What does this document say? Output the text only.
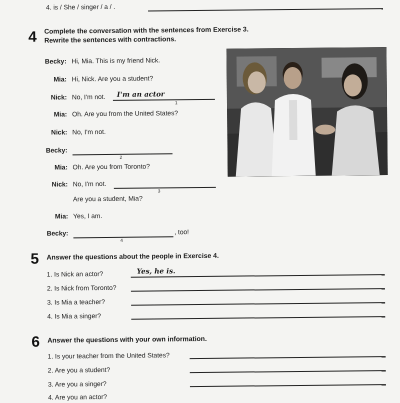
4. is / She / singer / a / .
4 Complete the conversation with the sentences from Exercise 3.
Rewrite the sentences with contractions.
Becky: Hi, Mia. This is my friend Nick.
Mia: Hi, Nick. Are you a student?
Nick: No, I'm not. I'm an actor
1
Mia: Oh. Are you from the United States?
Nick: No, I'm not.
Becky:
2
Mia: Oh. Are you from Toronto?
Nick: No, I'm not.
3
Are you a student, Mia?
Mia: Yes, I am.
Becky:
4
, too!
5 Answer the questions about the people in Exercise 4.
1. Is Nick an actor?	Yes, he is.
2. Is Nick from Toronto?
3. Is Mia a teacher?
4. Is Mia a singer?
6 Answer the questions with your own information.
1. Is your teacher from the United States?
2. Are you a student?
3. Are you a singer?
4. Are you an actor?
